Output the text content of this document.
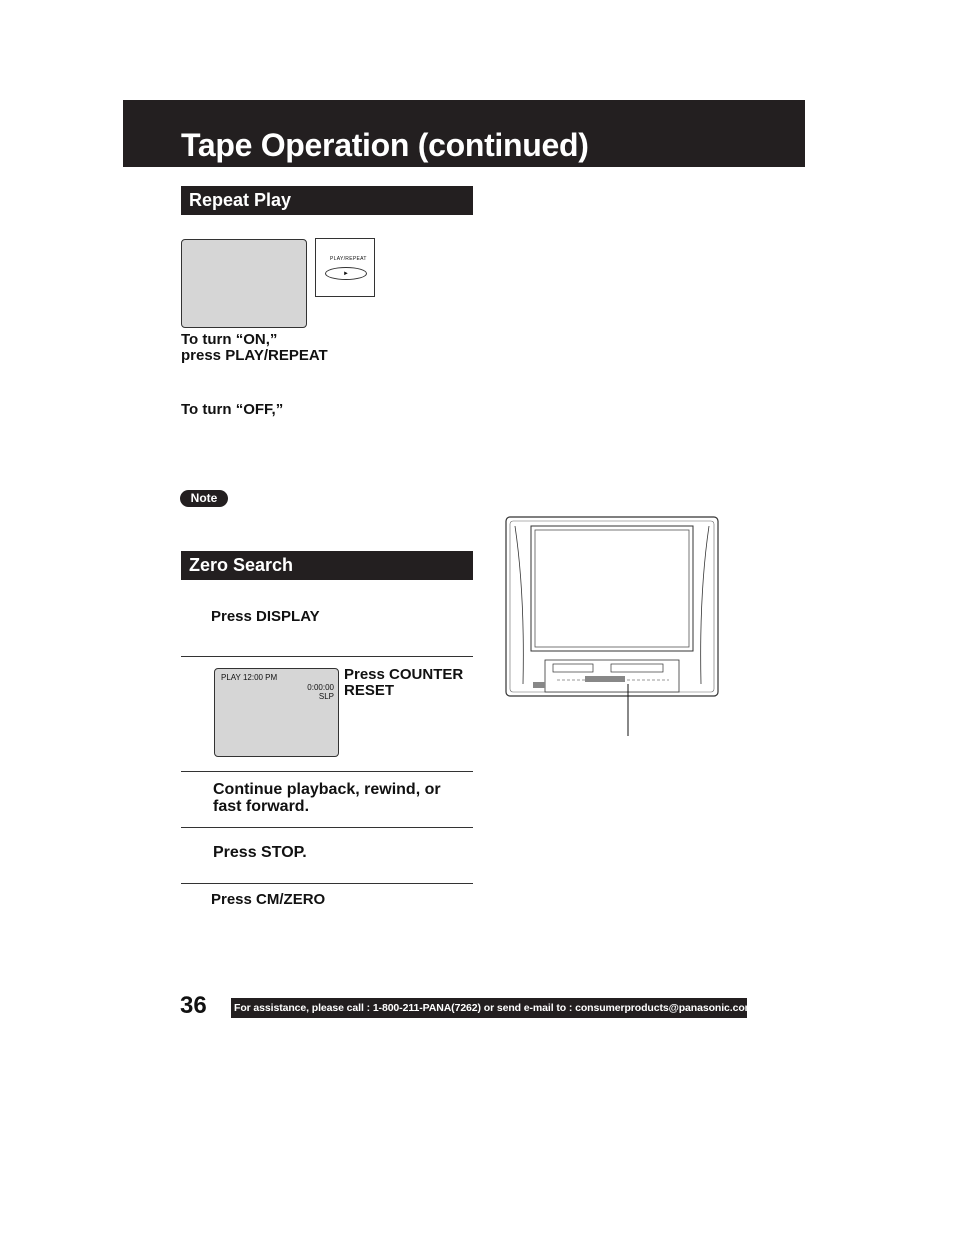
Tape Operation (continued)
Repeat Play
PLAY/REPEAT
►
To turn “ON,”
press PLAY/REPEAT
To turn “OFF,”
Note
Zero Search
Press DISPLAY
PLAY 12:00 PM
0:00:00
SLP
Press COUNTER RESET
Continue playback, rewind, or fast forward.
Press STOP.
Press CM/ZERO
36	For assistance, please call : 1-800-211-PANA(7262) or send e-mail to : consumerproducts@panasonic.com
